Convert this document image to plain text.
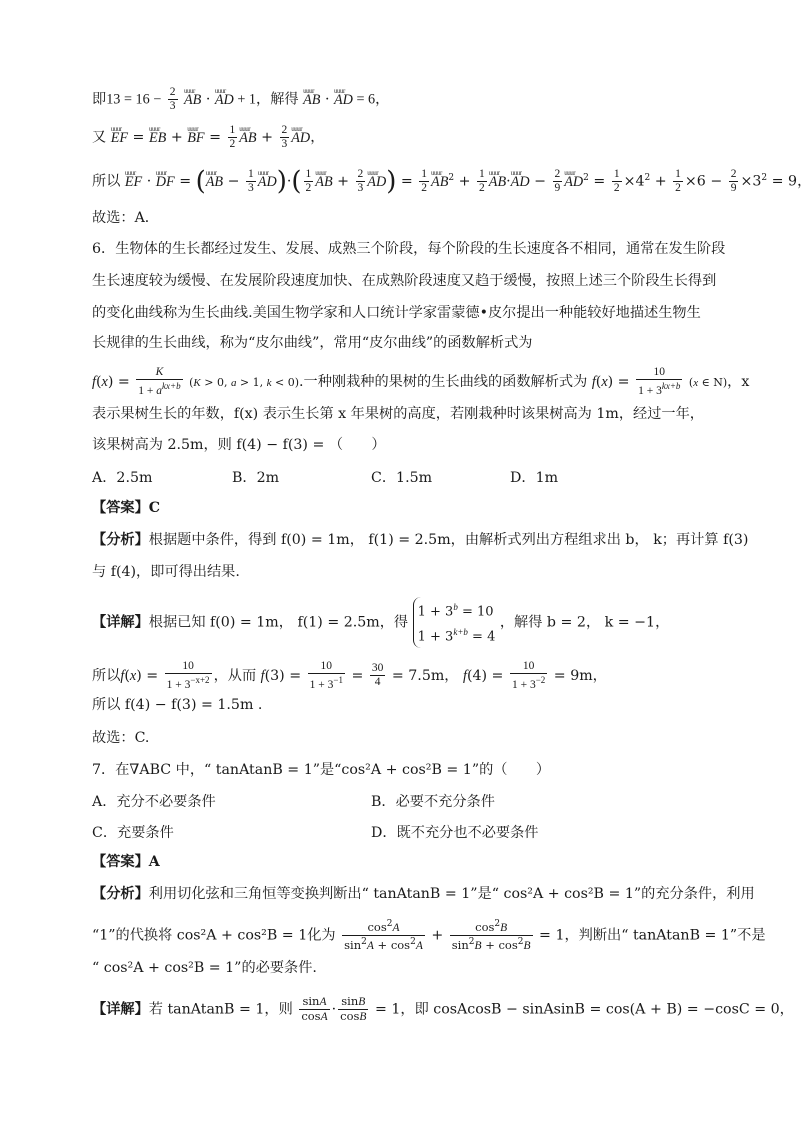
即$13 = 16 - \frac{2}{3}$ uuur AB · uuur AD + 1，解得 uuur AB · uuur AD = 6，
又 uuur EF = uuur EB + uuur BF = $\frac{1}{2}$ uuur AB + $\frac{2}{3}$ uuur AD，
所以 uuur EF · uuur DF = (uuur AB − $\frac{1}{3}$ uuur $AD)\cdot( \frac{1}{2}$ uuur AB + $\frac{2}{3}$ uuur $AD) = \frac{1}{2}$ uuur $AB^2 + \frac{1}{2}$ uuur AB·uuur AD − $\frac{2}{9}$ uuur $AD^2 = \frac{1}{2} \times 4^2 + \frac{1}{2} \times 6 - \frac{2}{9} \times 3^2 = 9$，
故选：A．
6．生物体的生长都经过发生、发展、成熟三个阶段，每个阶段的生长速度各不相同，通常在发生阶段
生长速度较为缓慢、在发展阶段速度加快、在成熟阶段速度又趋于缓慢，按照上述三个阶段生长得到
的变化曲线称为生长曲线.美国生物学家和人口统计学家雷蒙德•皮尔提出一种能较好地描述生物生
长规律的生长曲线，称为“皮尔曲线”，常用“皮尔曲线”的函数解析式为
$f(x) = \frac{K}{1 + a^{kx+b}} (K > 0$, a > 1, k < 0).一种刚栽种的果树的生长曲线的函数解析式为 $f(x) = \frac{10}{1 + 3^{kx+b}} (x$ ∈ N)，x
表示果树生长的年数，f(x) 表示生长第 x 年果树的高度，若刚栽种时该果树高为 1m，经过一年，
该果树高为 2.5m，则 f(4) − f(3) = （　　）
A．2.5m	B．2m	C．1.5m	D．1m
【答案】C
【分析】根据题中条件，得到 f(0) = 1m， f(1) = 2.5m，由解析式列出方程组求出 b， k；再计算 f(3)
与 f(4)，即可得出结果.
【详解】根据已知 f(0) = 1m， f(1) = 2.5m，得 $1 + 3^b = 10$
$1 + 3^{k+b} = 4$ ，解得 b = 2， k = −1，
所以$f(x) = \frac{10}{1 + 3^{-x+2}}$ ，从而 $f(3) = \frac{10}{1 + 3^{-1}} = \frac{30}{4} = 7.5m$， $f(4) = \frac{10}{1 + 3^{-2}} = 9m$，
所以 f(4) − f(3) = 1.5m .
故选：C.
7．在∇ABC 中，“ tanAtanB = 1”是“cos²A + cos²B = 1”的（　　）
A．充分不必要条件	B．必要不充分条件
C．充要条件	D．既不充分也不必要条件
【答案】A
【分析】利用切化弦和三角恒等变换判断出“ tanAtanB = 1”是“ cos²A + cos²B = 1”的充分条件，利用
“1”的代换将 cos²A + cos²B = 1化为 $\frac{\cos^2A}{\sin^2A + \cos^2A} + \frac{\cos^2B}{\sin^2B + \cos^2B} = 1$，判断出“ tanAtanB = 1”不是
“ cos²A + cos²B = 1”的必要条件.
【详解】若 tanAtanB = 1，则 $\frac{\sin A}{\cos A} \cdot \frac{\sin B}{\cos B} = 1$，即 cosAcosB − sinAsinB = cos(A + B) = −cosC = 0，
